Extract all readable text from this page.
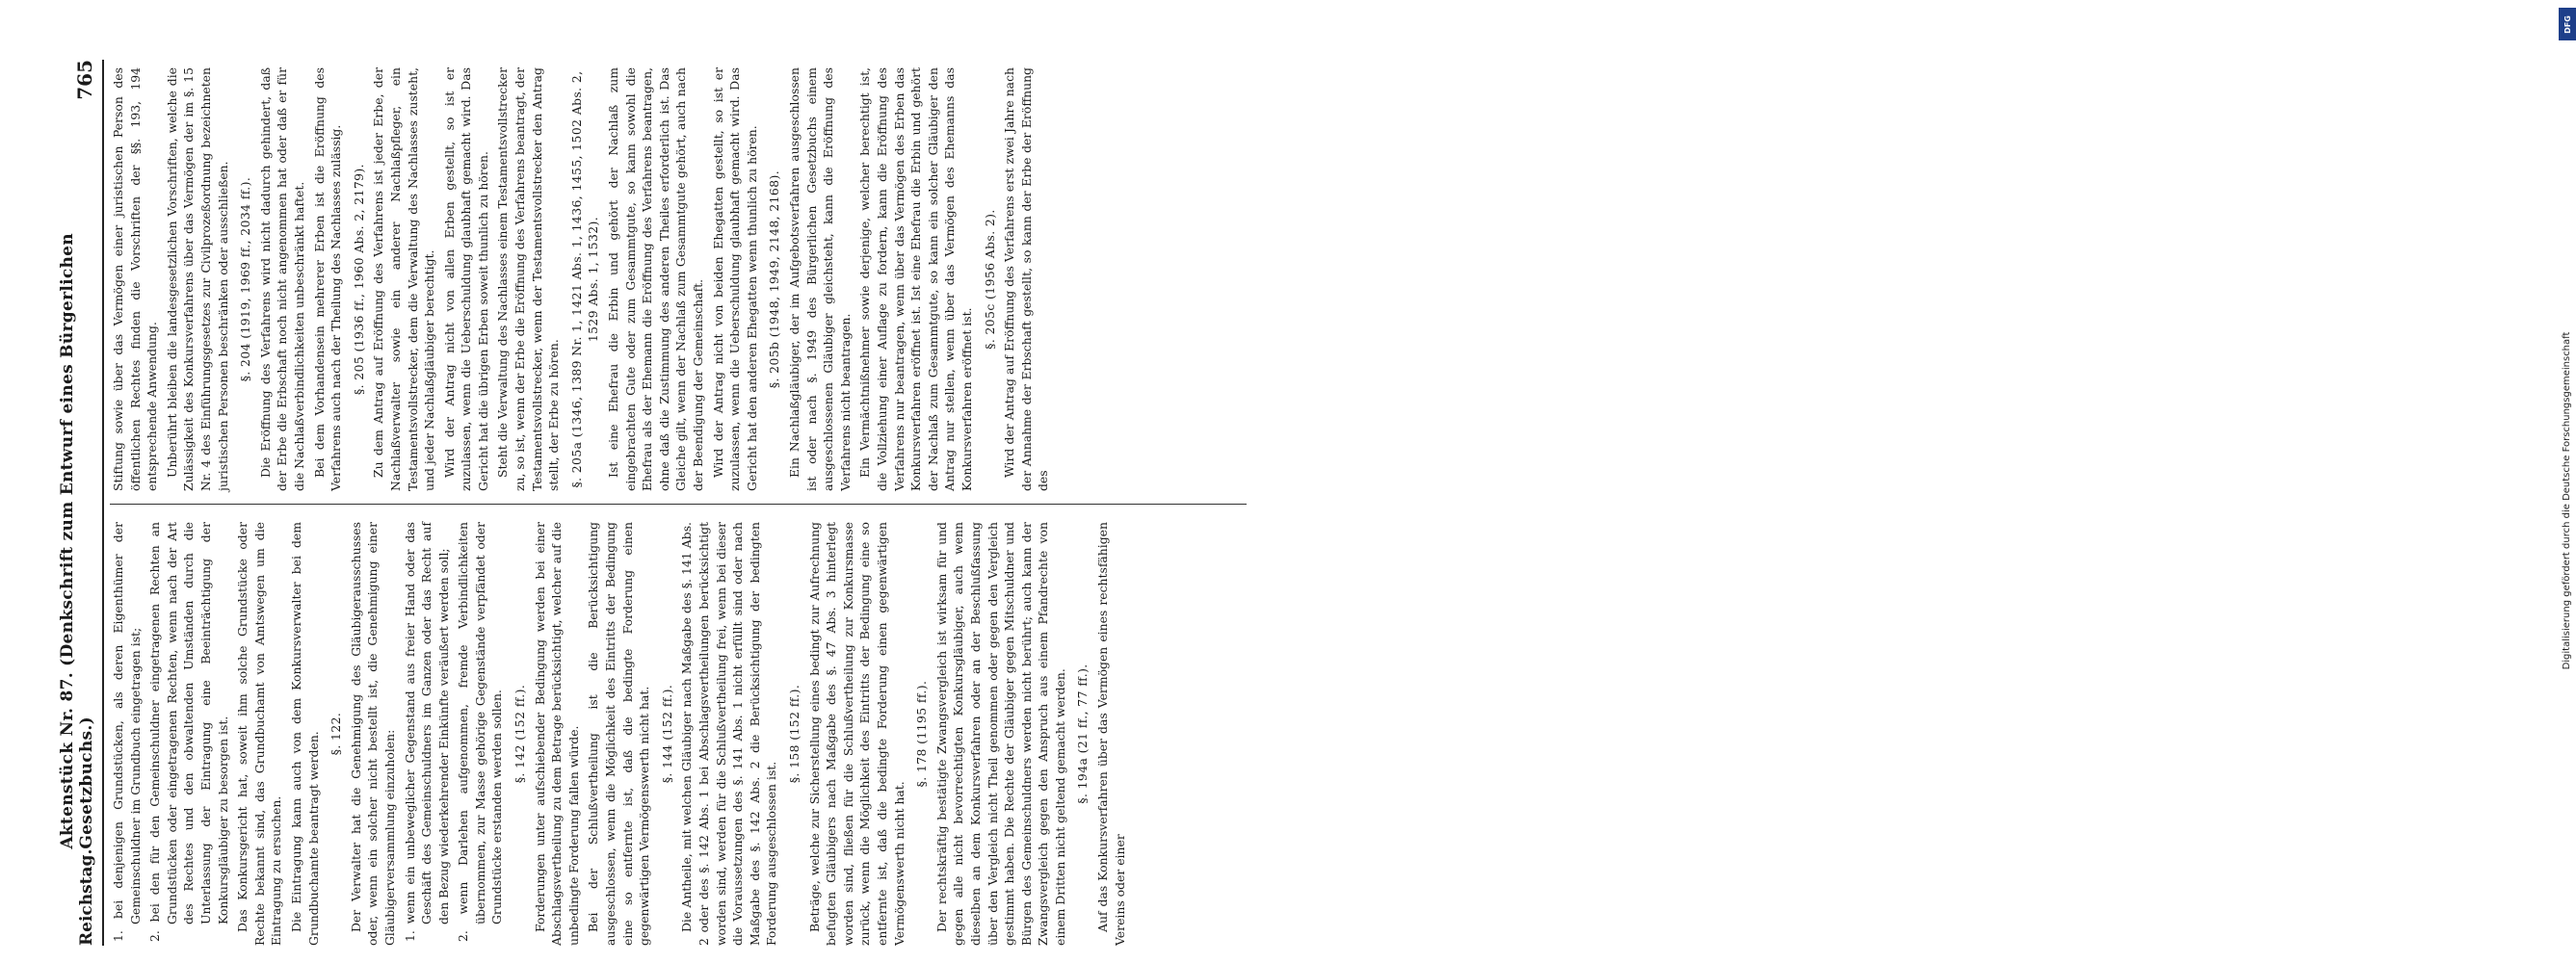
DFG
Digitalisierung gefördert durch die Deutsche Forschungsgemeinschaft
Reichstag.
Aktenstück Nr. 87. (Denkschrift zum Entwurf eines Bürgerlichen Gesetzbuchs.)
765

1. bei denjenigen Grundstücken, als deren Eigenthümer der Gemeinschuldner im Grundbuch eingetragen ist; 2. bei den für den Gemeinschuldner eingetragenen Rechten an Grundstücken oder eingetragenen Rechten, wenn nach der Art des Rechtes und den obwaltenden Umständen durch die Unterlassung der Eintragung eine Beeinträchtigung der Konkursgläubiger zu besorgen ist. Das Konkursgericht hat, soweit ihm solche Grundstücke oder Rechte bekannt sind, das Grundbuchamt von Amtswegen um die Eintragung zu ersuchen. Die Eintragung kann auch von dem Konkursverwalter bei dem Grundbuchamte beantragt werden. §. 122. Der Verwalter hat die Genehmigung des Gläubigerausschusses oder, wenn ein solcher nicht bestellt ist, die Genehmigung einer Gläubigerversammlung einzuholen: 1. wenn ein unbeweglicher Gegenstand aus freier Hand oder das Geschäft des Gemeinschuldners im Ganzen oder das Recht auf den Bezug wiederkehrender Einkünfte veräußert werden soll; 2. wenn Darlehen aufgenommen, fremde Verbindlichkeiten übernommen, zur Masse gehörige Gegenstände verpfändet oder Grundstücke erstanden werden sollen. §. 142 (152 ff.). Forderungen unter aufschiebender Bedingung werden bei einer Abschlagsvertheilung zu dem Betrage berücksichtigt, welcher auf die unbedingte Forderung fallen würde. Bei der Schlußvertheilung ist die Berücksichtigung ausgeschlossen, wenn die Möglichkeit des Eintritts der Bedingung eine so entfernte ist, daß die bedingte Forderung einen gegenwärtigen Vermögenswerth nicht hat. §. 144 (152 ff.). Die Antheile, mit welchen Gläubiger nach Maßgabe des §. 141 Abs. 2 oder des §. 142 Abs. 1 bei Abschlagsvertheilungen berücksichtigt worden sind, werden für die Schlußvertheilung frei, wenn bei dieser die Voraussetzungen des §. 141 Abs. 1 nicht erfüllt sind oder nach Maßgabe des §. 142 Abs. 2 die Berücksichtigung der bedingten Forderung ausgeschlossen ist.

§. 158 (152 ff.). Beträge, welche zur Sicherstellung eines bedingt zur Aufrechnung befugten Gläubigers nach Maßgabe des §. 47 Abs. 3 hinterlegt worden sind, fließen für die Schlußvertheilung zur Konkursmasse zurück, wenn die Möglichkeit des Eintritts der Bedingung eine so entfernte ist, daß die bedingte Forderung einen gegenwärtigen Vermögenswerth nicht hat.

§. 178 (1195 ff.). Der rechtskräftig bestätigte Zwangsvergleich ist wirksam für und gegen alle nicht bevorrechtigten Konkursgläubiger, auch wenn dieselben an dem Konkursverfahren oder an der Beschlußfassung über den Vergleich nicht Theil genommen oder gegen den Vergleich gestimmt haben. Die Rechte der Gläubiger gegen Mitschuldner und Bürgen des Gemeinschuldners werden nicht berührt; auch kann der Zwangsvergleich gegen den Anspruch aus einem Pfandrechte von einem Dritten nicht geltend gemacht werden. §. 194a (21 ff., 77 ff.). Auf das Konkursverfahren über das Vermögen eines rechtsfähigen Vereins oder einer

Stiftung sowie über das Vermögen einer juristischen Person des öffentlichen Rechtes finden die Vorschriften der §§. 193, 194 entsprechende Anwendung. Unberührt bleiben die landesgesetzlichen Vorschriften, welche die Zulässigkeit des Konkursverfahrens über das Vermögen der im §. 15 Nr. 4 des Einführungsgesetzes zur Civilprozeßordnung bezeichneten juristischen Personen beschränken oder ausschließen. §. 204 (1919, 1969 ff., 2034 ff.). Die Eröffnung des Verfahrens wird nicht dadurch gehindert, daß der Erbe die Erbschaft noch nicht angenommen hat oder daß er für die Nachlaßverbindlichkeiten unbeschränkt haftet. Bei dem Vorhandensein mehrerer Erben ist die Eröffnung des Verfahrens auch nach der Theilung des Nachlasses zulässig. §. 205 (1936 ff., 1960 Abs. 2, 2179). Zu dem Antrag auf Eröffnung des Verfahrens ist jeder Erbe, der Nachlaßverwalter sowie ein anderer Nachlaßpfleger, ein Testamentsvollstrecker, dem die Verwaltung des Nachlasses zusteht, und jeder Nachlaßgläubiger berechtigt. Wird der Antrag nicht von allen Erben gestellt, so ist er zuzulassen, wenn die Ueberschuldung glaubhaft gemacht wird. Das Gericht hat die übrigen Erben soweit thunlich zu hören. Steht die Verwaltung des Nachlasses einem Testamentsvollstrecker zu, so ist, wenn der Erbe die Eröffnung des Verfahrens beantragt, der Testamentsvollstrecker, wenn der Testamentsvollstrecker den Antrag stellt, der Erbe zu hören. §. 205a (1346, 1389 Nr. 1, 1421 Abs. 1, 1436, 1455, 1502 Abs. 2, 1529 Abs. 1, 1532). Ist eine Ehefrau die Erbin und gehört der Nachlaß zum eingebrachten Gute oder zum Gesammtgute, so kann sowohl die Ehefrau als der Ehemann die Eröffnung des Verfahrens beantragen, ohne daß die Zustimmung des anderen Theiles erforderlich ist. Das Gleiche gilt, wenn der Nachlaß zum Gesammtgute gehört, auch nach der Beendigung der Gemeinschaft. Wird der Antrag nicht von beiden Ehegatten gestellt, so ist er zuzulassen, wenn die Ueberschuldung glaubhaft gemacht wird. Das Gericht hat den anderen Ehegatten wenn thunlich zu hören. §. 205b (1948, 1949, 2148, 2168). Ein Nachlaßgläubiger, der im Aufgebotsverfahren ausgeschlossen ist oder nach §. 1949 des Bürgerlichen Gesetzbuchs einem ausgeschlossenen Gläubiger gleichsteht, kann die Eröffnung des Verfahrens nicht beantragen. Ein Vermächtnißnehmer sowie derjenige, welcher berechtigt ist, die Vollziehung einer Auflage zu fordern, kann die Eröffnung des Verfahrens nur beantragen, wenn über das Vermögen des Erben das Konkursverfahren eröffnet ist. Ist eine Ehefrau die Erbin und gehört der Nachlaß zum Gesammtgute, so kann ein solcher Gläubiger den Antrag nur stellen, wenn über das Vermögen des Ehemanns das Konkursverfahren eröffnet ist.

§. 205c (1956 Abs. 2). Wird der Antrag auf Eröffnung des Verfahrens erst zwei Jahre nach der Annahme der Erbschaft gestellt, so kann der Erbe der Eröffnung des
